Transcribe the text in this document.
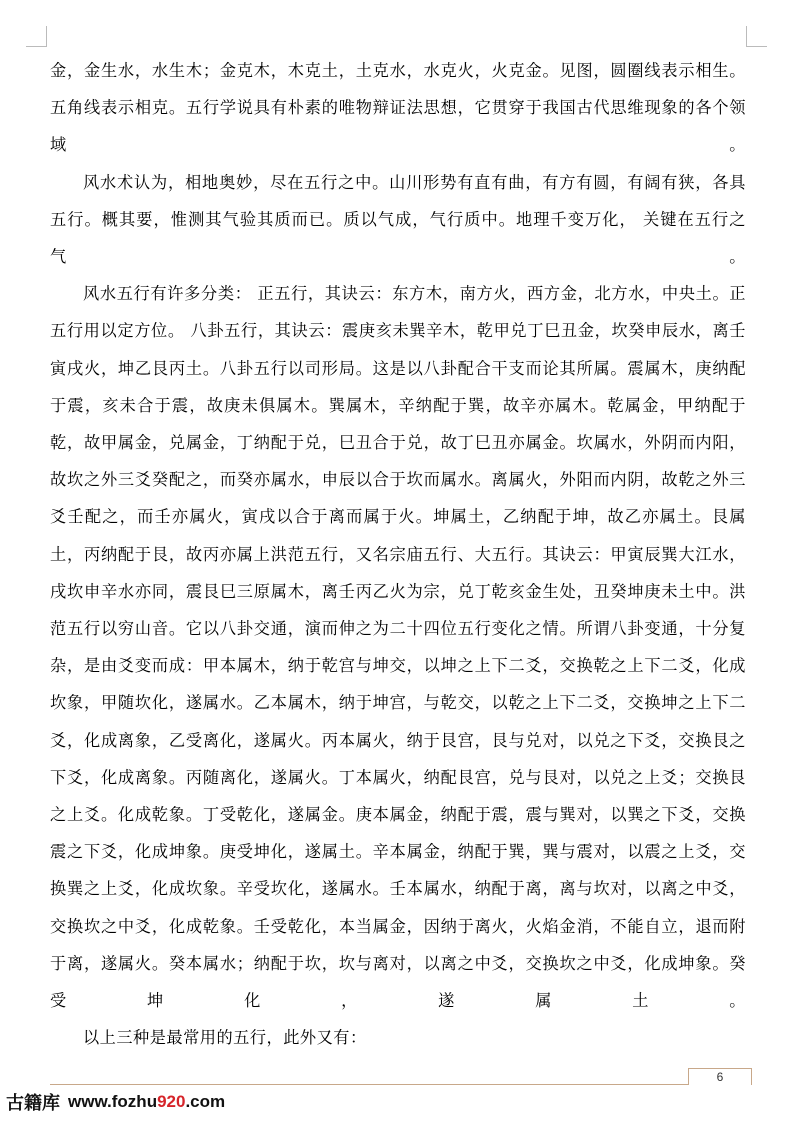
金，金生水，水生木；金克木，木克土，土克水，水克火，火克金。见图，圆圈线表示相生。五角线表示相克。五行学说具有朴素的唯物辩证法思想，它贯穿于我国古代思维现象的各个领域。

风水术认为，相地奥妙，尽在五行之中。山川形势有直有曲，有方有圆，有阔有狭，各具五行。概其要，惟测其气验其质而已。质以气成，气行质中。地理千变万化， 关键在五行之气。

风水五行有许多分类： 正五行，其诀云：东方木，南方火，西方金，北方水，中央土。正五行用以定方位。 八卦五行，其诀云：震庚亥未巽辛木，乾甲兑丁巳丑金，坎癸申辰水，离壬寅戌火，坤乙艮丙土。八卦五行以司形局。这是以八卦配合干支而论其所属。震属木，庚纳配于震，亥未合于震，故庚未俱属木。巽属木，辛纳配于巽，故辛亦属木。乾属金，甲纳配于乾，故甲属金，兑属金，丁纳配于兑，巳丑合于兑，故丁巳丑亦属金。坎属水，外阴而内阳，故坎之外三爻癸配之，而癸亦属水，申辰以合于坎而属水。离属火，外阳而内阴，故乾之外三爻壬配之，而壬亦属火，寅戌以合于离而属于火。坤属土，乙纳配于坤，故乙亦属土。艮属土，丙纳配于艮，故丙亦属上洪范五行，又名宗庙五行、大五行。其诀云：甲寅辰巽大江水，戌坎申辛水亦同，震艮巳三原属木，离壬丙乙火为宗，兑丁乾亥金生处，丑癸坤庚未土中。洪范五行以穷山音。它以八卦交通，演而伸之为二十四位五行变化之情。所谓八卦变通，十分复杂，是由爻变而成：甲本属木，纳于乾宫与坤交，以坤之上下二爻，交换乾之上下二爻，化成坎象，甲随坎化，遂属水。乙本属木，纳于坤宫，与乾交，以乾之上下二爻，交换坤之上下二爻，化成离象，乙受离化，遂属火。丙本属火，纳于艮宫，艮与兑对，以兑之下爻，交换艮之下爻，化成离象。丙随离化，遂属火。丁本属火，纳配艮宫，兑与艮对，以兑之上爻；交换艮之上爻。化成乾象。丁受乾化，遂属金。庚本属金，纳配于震，震与巽对，以巽之下爻，交换震之下爻，化成坤象。庚受坤化，遂属土。辛本属金，纳配于巽，巽与震对，以震之上爻，交换巽之上爻，化成坎象。辛受坎化，遂属水。壬本属水，纳配于离，离与坎对，以离之中爻，交换坎之中爻，化成乾象。壬受乾化，本当属金，因纳于离火，火焰金消，不能自立，退而附于离，遂属火。癸本属水；纳配于坎，坎与离对，以离之中爻，交换坎之中爻，化成坤象。癸受坤化，遂属土。

以上三种是最常用的五行，此外又有：

6
古籍库 www.fozhu920.com
